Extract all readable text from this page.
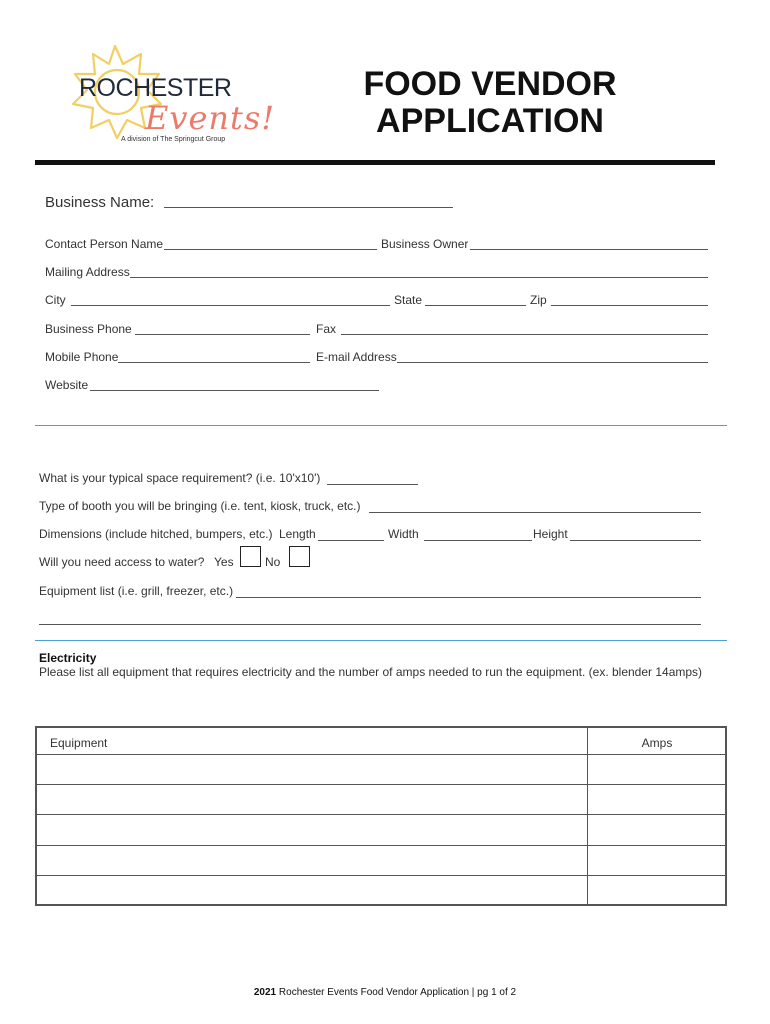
ROCHESTER
Events!
A division of The Springcut Group
FOOD VENDOR
APPLICATION
Business Name:
Contact Person Name	Business Owner
Mailing Address
City	State	Zip
Business Phone	Fax
Mobile Phone	E-mail Address
Website
What is your typical space requirement? (i.e. 10'x10')
Type of booth you will be bringing (i.e. tent, kiosk, truck, etc.)
Dimensions (include hitched, bumpers, etc.) Length	Width	Height
Will you need access to water? Yes	No
Equipment list (i.e. grill, freezer, etc.)
Electricity
Please list all equipment that requires electricity and the number of amps needed to run the equipment. (ex. blender 14amps)
Equipment	Amps
2021 Rochester Events Food Vendor Application | pg 1 of 2
